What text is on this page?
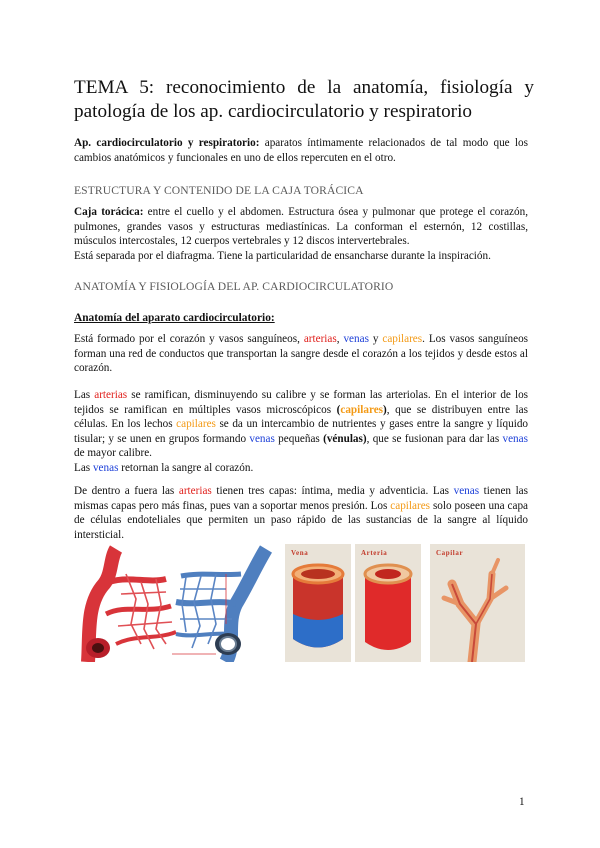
TEMA 5: reconocimiento de la anatomía, fisiología y patología de los ap. cardiocirculatorio y respiratorio

Ap. cardiocirculatorio y respiratorio: aparatos íntimamente relacionados de tal modo que los cambios anatómicos y funcionales en uno de ellos repercuten en el otro.

ESTRUCTURA Y CONTENIDO DE LA CAJA TORÁCICA

Caja torácica: entre el cuello y el abdomen. Estructura ósea y pulmonar que protege el corazón, pulmones, grandes vasos y estructuras mediastínicas. La conforman el esternón, 12 costillas, músculos intercostales, 12 cuerpos vertebrales y 12 discos intervertebrales.
Está separada por el diafragma. Tiene la particularidad de ensancharse durante la inspiración.

ANATOMÍA Y FISIOLOGÍA DEL AP. CARDIOCIRCULATORIO

Anatomía del aparato cardiocirculatorio:

Está formado por el corazón y vasos sanguíneos, arterias, venas y capilares. Los vasos sanguíneos forman una red de conductos que transportan la sangre desde el corazón a los tejidos y desde estos al corazón.

Las arterias se ramifican, disminuyendo su calibre y se forman las arteriolas. En el interior de los tejidos se ramifican en múltiples vasos microscópicos (capilares), que se distribuyen entre las células. En los lechos capilares se da un intercambio de nutrientes y gases entre la sangre y líquido tisular; y se unen en grupos formando venas pequeñas (vénulas), que se fusionan para dar las venas de mayor calibre.
Las venas retornan la sangre al corazón.

De dentro a fuera las arterias tienen tres capas: íntima, media y adventicia. Las venas tienen las mismas capas pero más finas, pues van a soportar menos presión. Los capilares solo poseen una capa de células endoteliales que permiten un paso rápido de las sustancias de la sangre al líquido intersticial.

Vena	Arteria	Capilar
1
